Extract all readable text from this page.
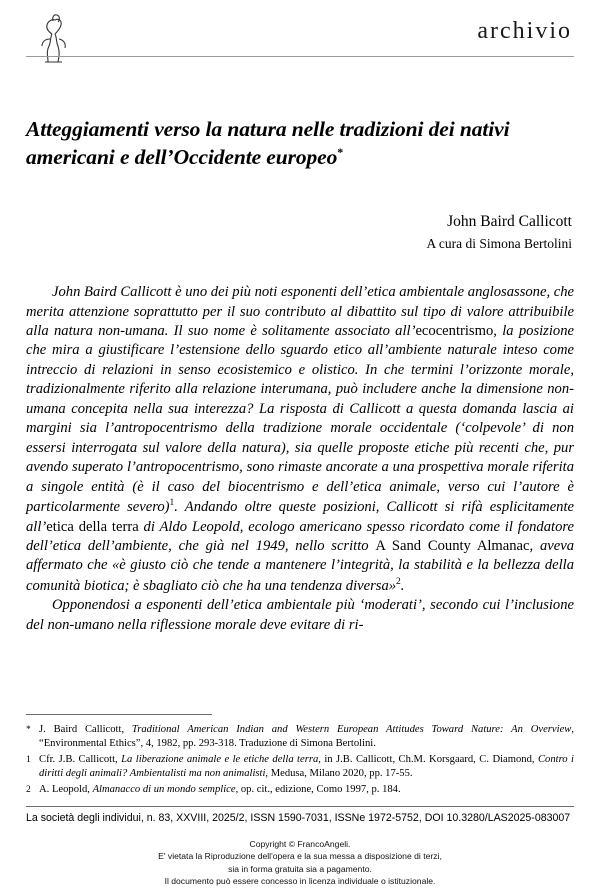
archivio
Atteggiamenti verso la natura nelle tradizioni dei nativi americani e dell’Occidente europeo*
John Baird Callicott
A cura di Simona Bertolini
John Baird Callicott è uno dei più noti esponenti dell’etica ambientale anglosassone, che merita attenzione soprattutto per il suo contributo al dibattito sul tipo di valore attribuibile alla natura non-umana. Il suo nome è solitamente associato all’ecocentrismo, la posizione che mira a giustificare l’estensione dello sguardo etico all’ambiente naturale inteso come intreccio di relazioni in senso ecosistemico e olistico. In che termini l’orizzonte morale, tradizionalmente riferito alla relazione interumana, può includere anche la dimensione non-umana concepita nella sua interezza? La risposta di Callicott a questa domanda lascia ai margini sia l’antropocentrismo della tradizione morale occidentale (‘colpevole’ di non essersi interrogata sul valore della natura), sia quelle proposte etiche più recenti che, pur avendo superato l’antropocentrismo, sono rimaste ancorate a una prospettiva morale riferita a singole entità (è il caso del biocentrismo e dell’etica animale, verso cui l’autore è particolarmente severo)$^1$. Andando oltre queste posizioni, Callicott si rifà esplicitamente all’etica della terra di Aldo Leopold, ecologo americano spesso ricordato come il fondatore dell’etica dell’ambiente, che già nel 1949, nello scritto A Sand County Almanac, aveva affermato che «è giusto ciò che tende a mantenere l’integrità, la stabilità e la bellezza della comunità biotica; è sbagliato ciò che ha una tendenza diversa»$^2$.
Opponendosi a esponenti dell’etica ambientale più ‘moderati’, secondo cui l’inclusione del non-umano nella riflessione morale deve evitare di ri-
* J. Baird Callicott, Traditional American Indian and Western European Attitudes Toward Nature: An Overview, “Environmental Ethics”, 4, 1982, pp. 293-318. Traduzione di Simona Bertolini.
1 Cfr. J.B. Callicott, La liberazione animale e le etiche della terra, in J.B. Callicott, Ch.M. Korsgaard, C. Diamond, Contro i diritti degli animali? Ambientalisti ma non animalisti, Medusa, Milano 2020, pp. 17-55.
2 A. Leopold, Almanacco di un mondo semplice, op. cit., edizione, Como 1997, p. 184.
La società degli individui, n. 83, XXVIII, 2025/2, ISSN 1590-7031, ISSNe 1972-5752, DOI 10.3280/LAS2025-083007
Copyright © FrancoAngeli.
E' vietata la Riproduzione dell'opera e la sua messa a disposizione di terzi,
sia in forma gratuita sia a pagamento.
Il documento può essere concesso in licenza individuale o istituzionale.
